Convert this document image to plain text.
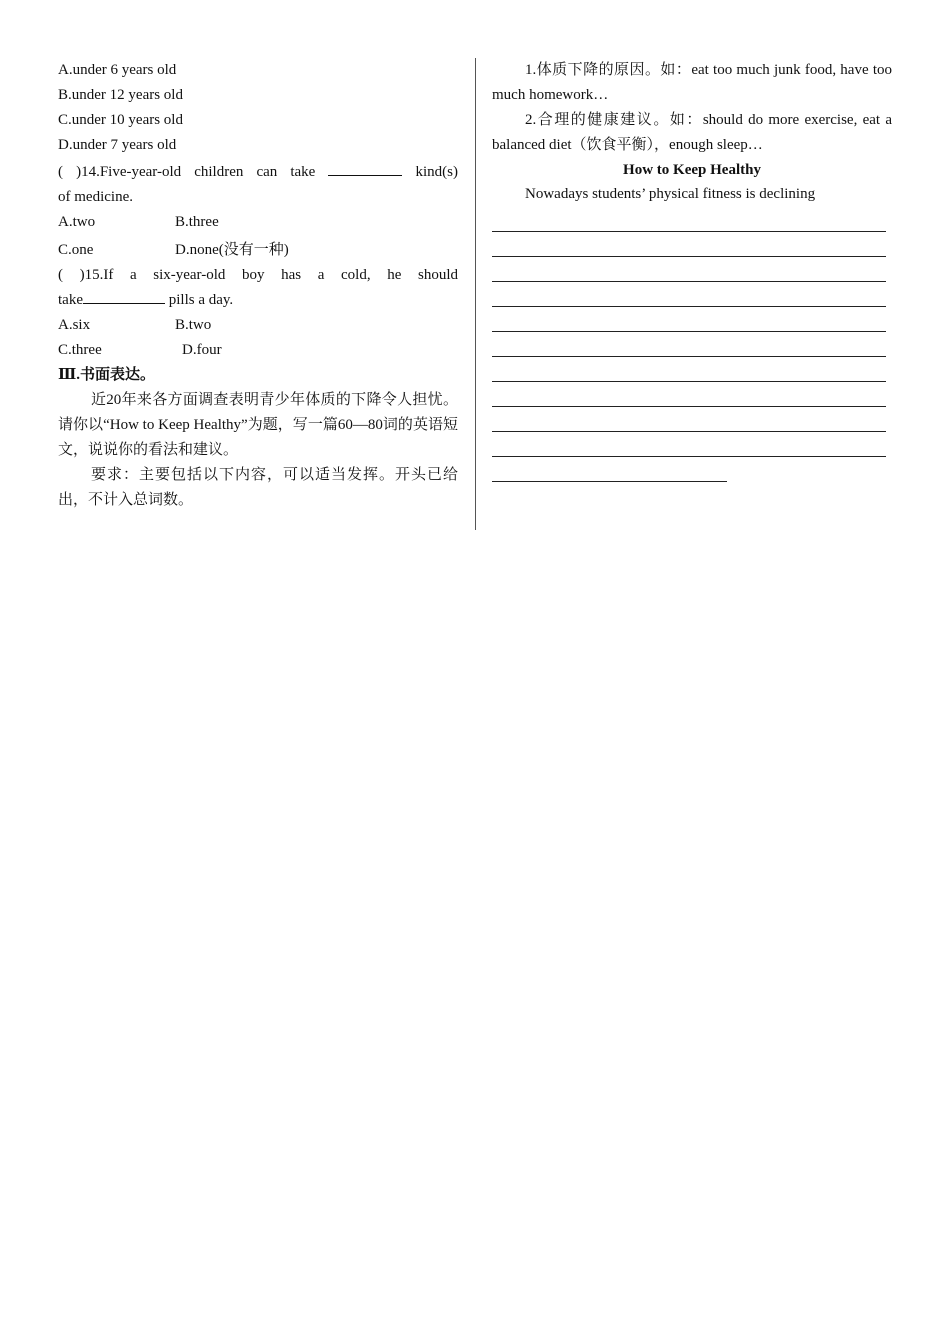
A.under 6 years old
B.under 12 years old
C.under 10 years old
D.under 7 years old
( )14.Five-year-old children can take	kind(s)
of medicine.
A.two	B.three
C.one	D.none(没有一种)
( )15.If a six-year-old boy has a cold, he should
take	pills a day.
A.six	B.two
C.three	D.four
Ⅲ.书面表达。
近20年来各方面调查表明青少年体质的下降令人担忧。请你以“How to Keep Healthy”为题，写一篇60—80词的英语短文，说说你的看法和建议。
要求：主要包括以下内容，可以适当发挥。开头已给出，不计入总词数。
1.体质下降的原因。如：eat too much junk food, have too much homework…
2.合理的健康建议。如：should do more exercise, eat a balanced diet（饮食平衡），enough sleep…
How to Keep Healthy
Nowadays students’ physical fitness is declining
